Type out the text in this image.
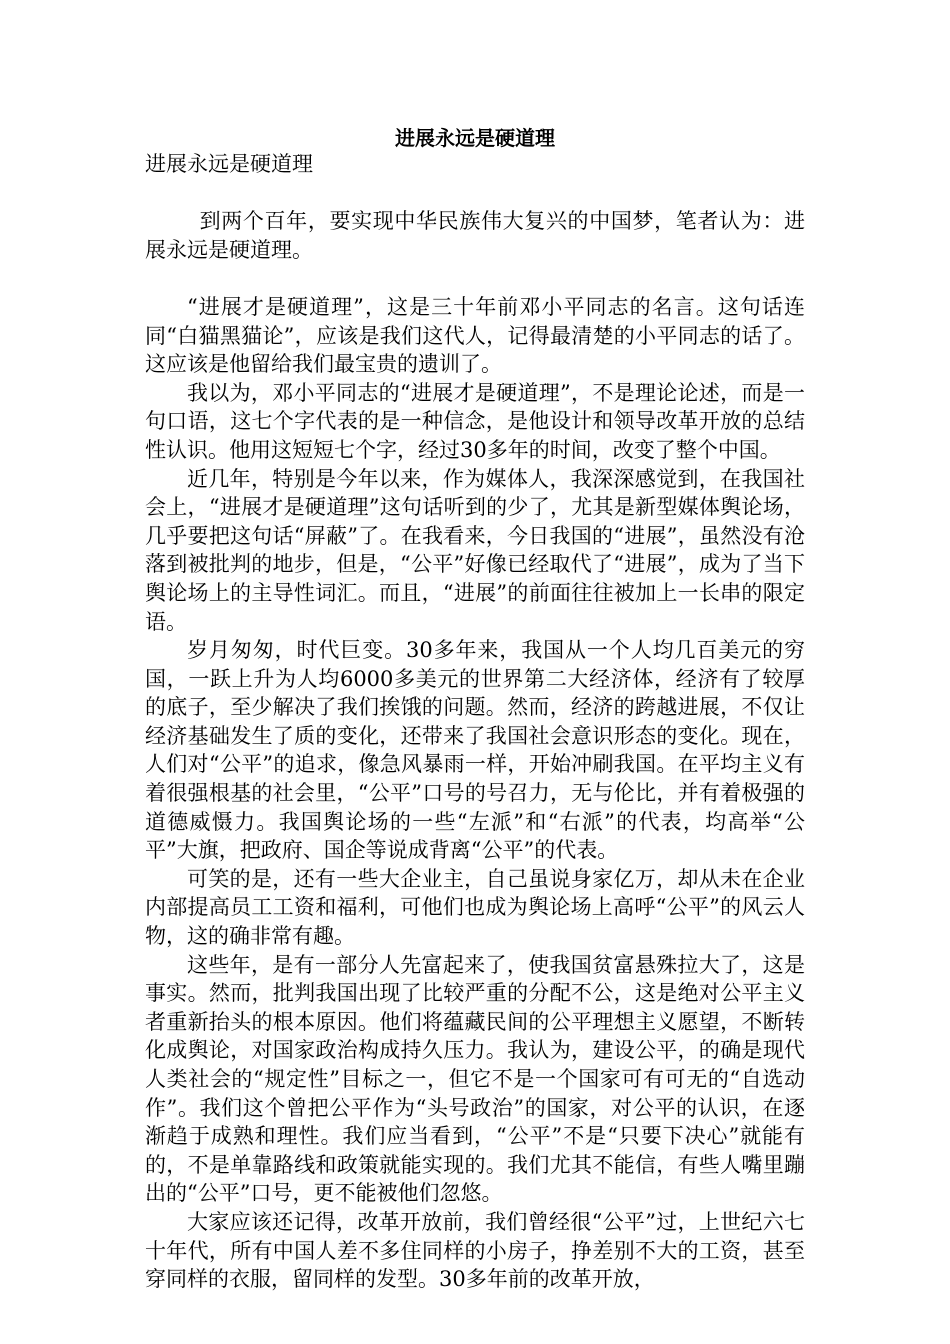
进展永远是硬道理

进展永远是硬道理

到两个百年，要实现中华民族伟大复兴的中国梦，笔者认为：进展永远是硬道理。

“进展才是硬道理”，这是三十年前邓小平同志的名言。这句话连同“白猫黑猫论”，应该是我们这代人，记得最清楚的小平同志的话了。这应该是他留给我们最宝贵的遗训了。

我以为，邓小平同志的“进展才是硬道理”，不是理论论述，而是一句口语，这七个字代表的是一种信念，是他设计和领导改革开放的总结性认识。他用这短短七个字，经过30多年的时间，改变了整个中国。

近几年，特别是今年以来，作为媒体人，我深深感觉到，在我国社会上，“进展才是硬道理”这句话听到的少了，尤其是新型媒体舆论场，几乎要把这句话“屏蔽”了。在我看来，今日我国的“进展”，虽然没有沧落到被批判的地步，但是，“公平”好像已经取代了“进展”，成为了当下舆论场上的主导性词汇。而且，“进展”的前面往往被加上一长串的限定语。

岁月匆匆，时代巨变。30多年来，我国从一个人均几百美元的穷国，一跃上升为人均6000多美元的世界第二大经济体，经济有了较厚的底子，至少解决了我们挨饿的问题。然而，经济的跨越进展，不仅让经济基础发生了质的变化，还带来了我国社会意识形态的变化。现在，人们对“公平”的追求，像急风暴雨一样，开始冲刷我国。在平均主义有着很强根基的社会里，“公平”口号的号召力，无与伦比，并有着极强的道德威慑力。我国舆论场的一些“左派”和“右派”的代表，均高举“公平”大旗，把政府、国企等说成背离“公平”的代表。

可笑的是，还有一些大企业主，自己虽说身家亿万，却从未在企业内部提高员工工资和福利，可他们也成为舆论场上高呼“公平”的风云人物，这的确非常有趣。

这些年，是有一部分人先富起来了，使我国贫富悬殊拉大了，这是事实。然而，批判我国出现了比较严重的分配不公，这是绝对公平主义者重新抬头的根本原因。他们将蕴藏民间的公平理想主义愿望，不断转化成舆论，对国家政治构成持久压力。我认为，建设公平，的确是现代人类社会的“规定性”目标之一，但它不是一个国家可有可无的“自选动作”。我们这个曾把公平作为“头号政治”的国家，对公平的认识，在逐渐趋于成熟和理性。我们应当看到，“公平”不是“只要下决心”就能有的，不是单靠路线和政策就能实现的。我们尤其不能信，有些人嘴里蹦出的“公平”口号，更不能被他们忽悠。

大家应该还记得，改革开放前，我们曾经很“公平”过，上世纪六七十年代，所有中国人差不多住同样的小房子，挣差别不大的工资，甚至穿同样的衣服，留同样的发型。30多年前的改革开放，
